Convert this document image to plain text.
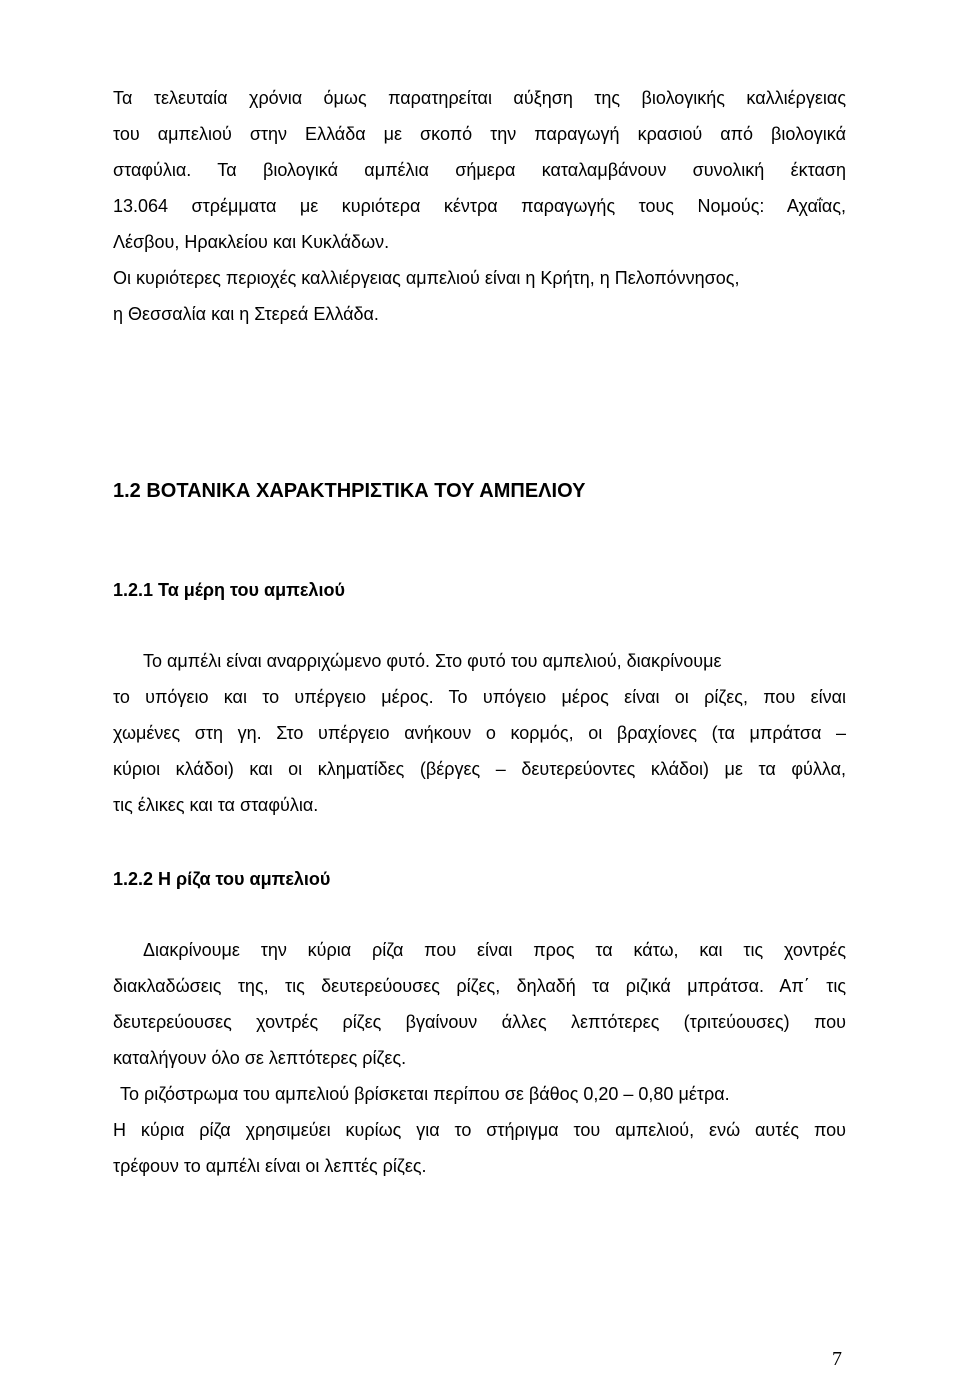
Τα τελευταία χρόνια όμως παρατηρείται αύξηση της βιολογικής καλλιέργειας
του αμπελιού στην Ελλάδα με σκοπό την παραγωγή κρασιού από βιολογικά
σταφύλια. Τα βιολογικά αμπέλια σήμερα καταλαμβάνουν συνολική έκταση
13.064 στρέμματα με κυριότερα κέντρα παραγωγής τους Νομούς: Αχαΐας,
Λέσβου, Ηρακλείου και Κυκλάδων.
Οι κυριότερες περιοχές καλλιέργειας αμπελιού είναι η Κρήτη, η Πελοπόννησος,
η Θεσσαλία και η Στερεά Ελλάδα.
1.2 ΒΟΤΑΝΙΚΑ ΧΑΡΑΚΤΗΡΙΣΤΙΚΑ ΤΟΥ ΑΜΠΕΛΙΟΥ
1.2.1 Τα μέρη του αμπελιού
Το αμπέλι είναι αναρριχώμενο φυτό. Στο φυτό του αμπελιού, διακρίνουμε
το υπόγειο και το υπέργειο μέρος. Το υπόγειο μέρος είναι οι ρίζες, που είναι
χωμένες στη γη. Στο υπέργειο ανήκουν ο κορμός, οι βραχίονες (τα μπράτσα –
κύριοι κλάδοι) και οι κληματίδες (βέργες – δευτερεύοντες κλάδοι) με τα φύλλα,
τις έλικες και τα σταφύλια.
1.2.2 Η ρίζα του αμπελιού
Διακρίνουμε την κύρια ρίζα που είναι προς τα κάτω, και τις χοντρές
διακλαδώσεις της, τις δευτερεύουσες ρίζες, δηλαδή τα ριζικά μπράτσα. Απ΄ τις
δευτερεύουσες χοντρές ρίζες βγαίνουν άλλες λεπτότερες (τριτεύουσες) που
καταλήγουν όλο σε λεπτότερες ρίζες.
Το ριζόστρωμα του αμπελιού βρίσκεται περίπου σε βάθος 0,20 – 0,80 μέτρα.
Η κύρια ρίζα χρησιμεύει κυρίως για το στήριγμα του αμπελιού, ενώ αυτές που
τρέφουν το αμπέλι είναι οι λεπτές ρίζες.
7
